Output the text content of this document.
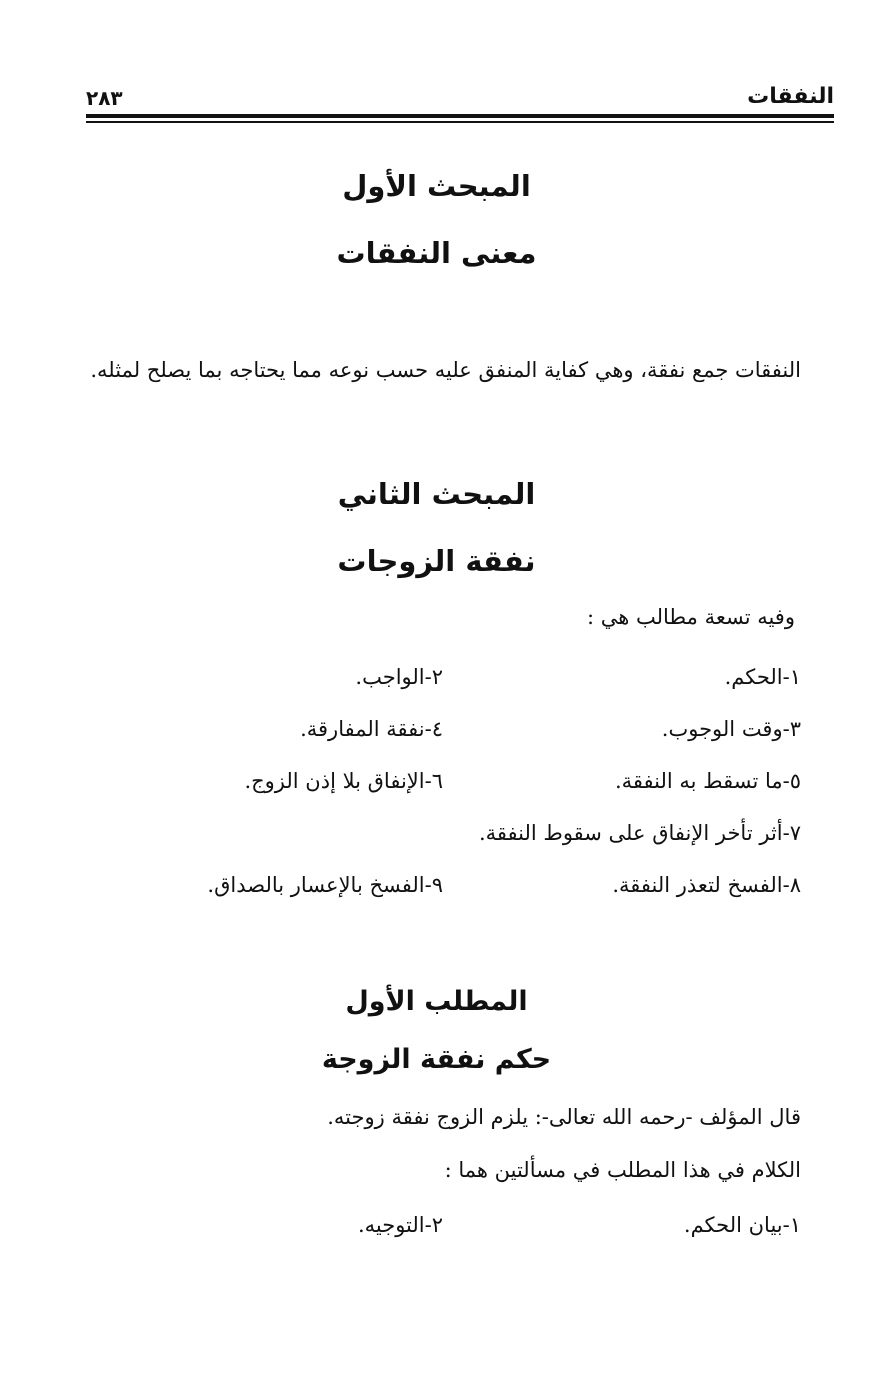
النفقات
٢٨٣
المبحث الأول
معنى النفقات
النفقات جمع نفقة، وهي كفاية المنفق عليه حسب نوعه مما يحتاجه بما يصلح لمثله.
المبحث الثاني
نفقة الزوجات
وفيه تسعة مطالب هي :
١-الحكم.
٢-الواجب.
٣-وقت الوجوب.
٤-نفقة المفارقة.
٥-ما تسقط به النفقة.
٦-الإنفاق بلا إذن الزوج.
٧-أثر تأخر الإنفاق على سقوط النفقة.
٨-الفسخ لتعذر النفقة.
٩-الفسخ بالإعسار بالصداق.
المطلب الأول
حكم نفقة الزوجة
قال المؤلف -رحمه الله تعالى-: يلزم الزوج نفقة زوجته.
الكلام في هذا المطلب في مسألتين هما :
١-بيان الحكم.
٢-التوجيه.
